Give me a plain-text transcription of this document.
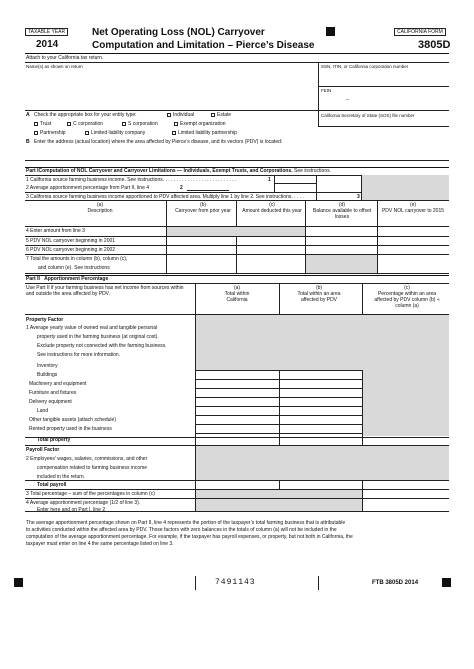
TAXABLE YEAR
2014
Net Operating Loss (NOL) Carryover
Computation and Limitation – Pierce’s Disease
CALIFORNIA FORM
3805D
Attach to your California tax return.
Name(s) as shown on return	SSN, ITIN, or California corporation number
FEIN
–
A Check the appropriate box for your entity type:	Individual	Estate
Trust	C corporation	S corporation	Exempt organization
Partnership	Limited liability company	Limited liability partnership
California Secretary of State (SOS) file number
B Enter the address (actual location) where the area affected by Pierce’s disease, and its vectors (PDV) is located:
Part IComputation of NOL Carryover and Carryover Limitations — Individuals, Exempt Trusts, and Corporations. See instructions.
1 California source farming business income. See instructions. . . . . . . . . . . . . . . . . . . . . . . . . . .	1
2 Average apportionment percentage from Part II, line 4	2
3 California source farming business income apportioned to PDV affected area. Multiply line 1 by line 2. See instructions. . . . .	3
(a)
Description
(b)
Carryover from prior year
(c)
Amount deducted this year
(d)
Balance available to offset losses
(e)
PDV NOL carryover to 2015
4 Enter amount from line 3
5 PDV NOL carryover beginning in 2001
6 PDV NOL carryover beginning in 2002
7 Total the amounts in column (b), column (c),
and column (e). See instructions
Part II Apportionment Percentage
Use Part II if your farming business has net income from sources within and outside the area affected by PDV.
(a)
Total within California
(b)
Total within an area affected by PDV
(c)
Percentage within an area affected by PDV column (b) ÷ column (a)
Property Factor
1 Average yearly value of owned real and tangible personal
property used in the farming business (at original cost).
Exclude property not connected with the farming business.
See instructions for more information.
Inventory
Buildings
Machinery and equipment
Furniture and fixtures
Delivery equipment
Land
Other tangible assets (attach schedule)
Rented property used in the business
Total property
Payroll Factor
2 Employees’ wages, salaries, commissions, and other
compensation related to farming business income
included in the return.
Total payroll
3 Total percentage – sum of the percentages in column (c)
4 Average apportionment percentage (1/2 of line 3).
Enter here and on Part I, line 2
The average apportionment percentage shown on Part II, line 4 represents the portion of the taxpayer’s total farming business that is attributable
to activities conducted within the affected area by PDV. Those factors with zero balances in the totals of column (a) will not be included in the
computation of the average apportionment percentage. For example, if the taxpayer has payroll expenses, or property, but not both in California, the
taxpayer must enter on line 4 the same percentage listed on line 3.
7491143	FTB 3805D 2014
